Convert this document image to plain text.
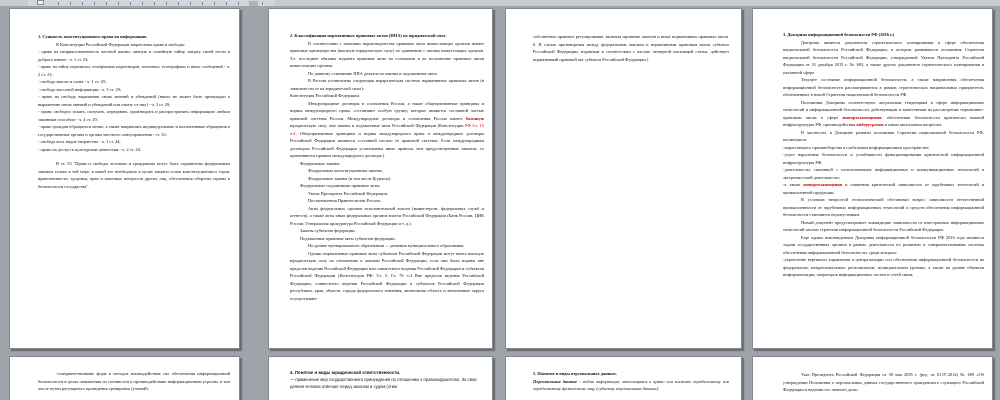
1. Сущность конституционного права на информацию.

В Конституции Российской Федерации закреплены права и свободы:

- право на неприкосновенность частной жизни, личную и семейную тайну, защиту своей чести и доброго имени - ч. 1 ст. 23;

- право на тайну переписки, телефонных переговоров, почтовых, телеграфных и иных сообщений - ч. 2 ст. 23;

- свобода мысли и слова - ч. 1 ст. 29;

- свобода массовой информации - ч. 5 ст. 29;

- право на свободу выражения своих мнений и убеждений (никто не может быть принужден к выражению своих мнений и убеждений или отказу от них) - ч. 3 ст. 29;

- право свободно искать, получать, передавать, производить и распространять информацию любым законным способом - ч. 4 ст. 29;

- право граждан обращаться лично, а также направлять индивидуальные и коллективные обращения в государственные органы и органы местного самоуправления - ст. 33;

- свобода всех видов творчества - ч. 1 ст. 44;

- право на доступ к культурным ценностям - ч. 2 ст. 44.

В ст. 55 "Права и свободы человека и гражданина могут быть ограничены федеральным законом только в той мере, в какой это необходимо в целях защиты основ конституционного строя, нравственности, здоровья, прав и законных интересов других лиц, обеспечения обороны страны и безопасности государства".

2. Классификация нормативных правовых актов (НПА) по юридической силе.

В соответствии с законами нормотворчества правовые акты вышестоящих органов имеют правовые преимущества (высшую юридическую силу) по сравнению с актами нижестоящих органов. Т.е. последние обязаны издавать правовые акты на основании и во исполнение правовых актов вышестоящих органов.

По данному основанию НПА делятся на законы и подзаконные акты.

В России установлена следующая иерархическая система нормативных правовых актов (в зависимости от их юридической силы):

Конституция Российской Федерации.

Международные договоры и соглашения России, а также общепризнанные принципы и нормы международного права, составляют особую группу, которые являются составной частью правовой системы России. Международные договоры и соглашения России имеют большую юридическую силу, чем законы и подзаконные акты Российской Федерации (Конституция РФ Ст. 15 ч.4. Общепризнанные принципы и нормы международного права и международные договоры Российской Федерации являются составной частью ее правовой системы. Если международным договором Российской Федерации установлены иные правила, чем предусмотренные законом, то применяются правила международного договора.).

Федеральные законы:

Федеральные конституционные законы.

Федеральные законы (в том числе Кодексы).

Федеральные подзаконные правовые акты:

Указы Президента Российской Федерации.

Постановления Правительства России.

Акты федеральных органов исполнительной власти (министерств, федеральных служб и агентств), а также акты иных федеральных органов власти Российской Федерации (Банк России, ЦИК России, Генеральная прокуратура Российской Федерации и т. д.).

Законы субъектов федерации.

Подзаконные правовые акты субъектов федерации.

На уровне муниципального образования — решения муниципального образования.

Однако нормативные правовые акты субъектов Российской Федерации могут иметь высшую юридическую силу по отношению к законам Российской Федерации, если они были изданы вне пределов ведения Российской Федерации или совместного ведения Российской Федерации и субъектов Российской Федерации (Конституция РФ: Гл. 3. Ст. 76 ч.4 Вне пределов ведения Российской Федерации, совместного ведения Российской Федерации и субъектов Российской Федерации республики, края, области, города федерального значения, автономная область и автономные округа осуществляют

собственное правовое регулирование, включая принятие законов и иных нормативных правовых актов. 6. В случае противоречия между федеральным законом и нормативным правовым актом субъекта Российской Федерации, изданным в соответствии с частью четвертой настоящей статьи, действует нормативный правовой акт субъекта Российской Федерации.)

3. Доктрина информационной безопасности РФ (2016 г.)

Доктрина является документом стратегического планирования в сфере обеспечения национальной безопасности Российской Федерации, в котором развиваются положения Стратегии национальной безопасности Российской Федерации, утвержденной Указом Президента Российской Федерации от 31 декабря 2015 г. № 683, а также других документов стратегического планирования в указанной сфере.

Текущее состояние информационной безопасности, а также направления обеспечения информационной безопасности рассматриваются в рамках стратегических национальных приоритетов, обозначенных в новой Стратегии национальной безопасности РФ.

Положения Доктрины соответствуют актуальным тенденциям в сфере информационных технологий и информационной безопасности, действующим и вынесенным на рассмотрение нормативно-правовым актам в сфере импортозамещения, обеспечения безопасности критически важной инфраструктуры РФ, противодействия киберугрозам и иным актуальным вопросам.

В частности, в Доктрине развиты положения Стратегии национальной безопасности РФ, касающиеся:

-нарастающего противоборства в глобальном информационном пространстве;

-угроз нарушения безопасности и устойчивости функционирования критической информационной инфраструктуры РФ;

-деятельности, связанной с использованием информационных и коммуникационных технологий в экстремистской деятельности;

-а также импортозамещения и снижения критической зависимости от зарубежных технологий и промышленной продукции.

В условиях непростой геополитической обстановки вопрос зависимости отечественной промышленности от зарубежных информационных технологий и средств обеспечения информационной безопасности становится недопустимым.

Новый документ предусматривает ликвидацию зависимости от иностранных информационных технологий частью стратегии информационной безопасности Российской Федерации.

Ещё одним нововведением Доктрины информационной безопасности РФ 2016 года являются задачи государственных органов в рамках деятельности по развитию и совершенствованию системы обеспечения информационной безопасности, среди которых:

-укрепление вертикали управления и централизации сил обеспечения информационной безопасности на федеральном, межрегиональном, региональном, муниципальном уровнях, а также на уровне объектов информатизации, операторов информационных систем и сетей связи;

-совершенствование форм и методов взаимодействия сил обеспечения информационной безопасности в целях повышения их готовности к противодействию информационным угрозам, в том числе путем регулярного проведения тренировок (учений);

4. Понятие и виды юридической ответственности.

— применение мер государственного принуждения по отношению к правонарушителю. За свои деяния человек отвечает перед законом и судом (этим

5. Понятие и виды персональных данных.

Персональные данные - любая информация, относящаяся к прямо или косвенно определенному или определяемому физическому лицу (субъекту персональных данных);

Указ Президента Российской Федерации от 30 мая 2005 г. (ред. от 01.07.2014) № 609 «Об утверждении Положения о персональных данных государственного гражданского служащего Российской Федерации и ведении его личного дела»
